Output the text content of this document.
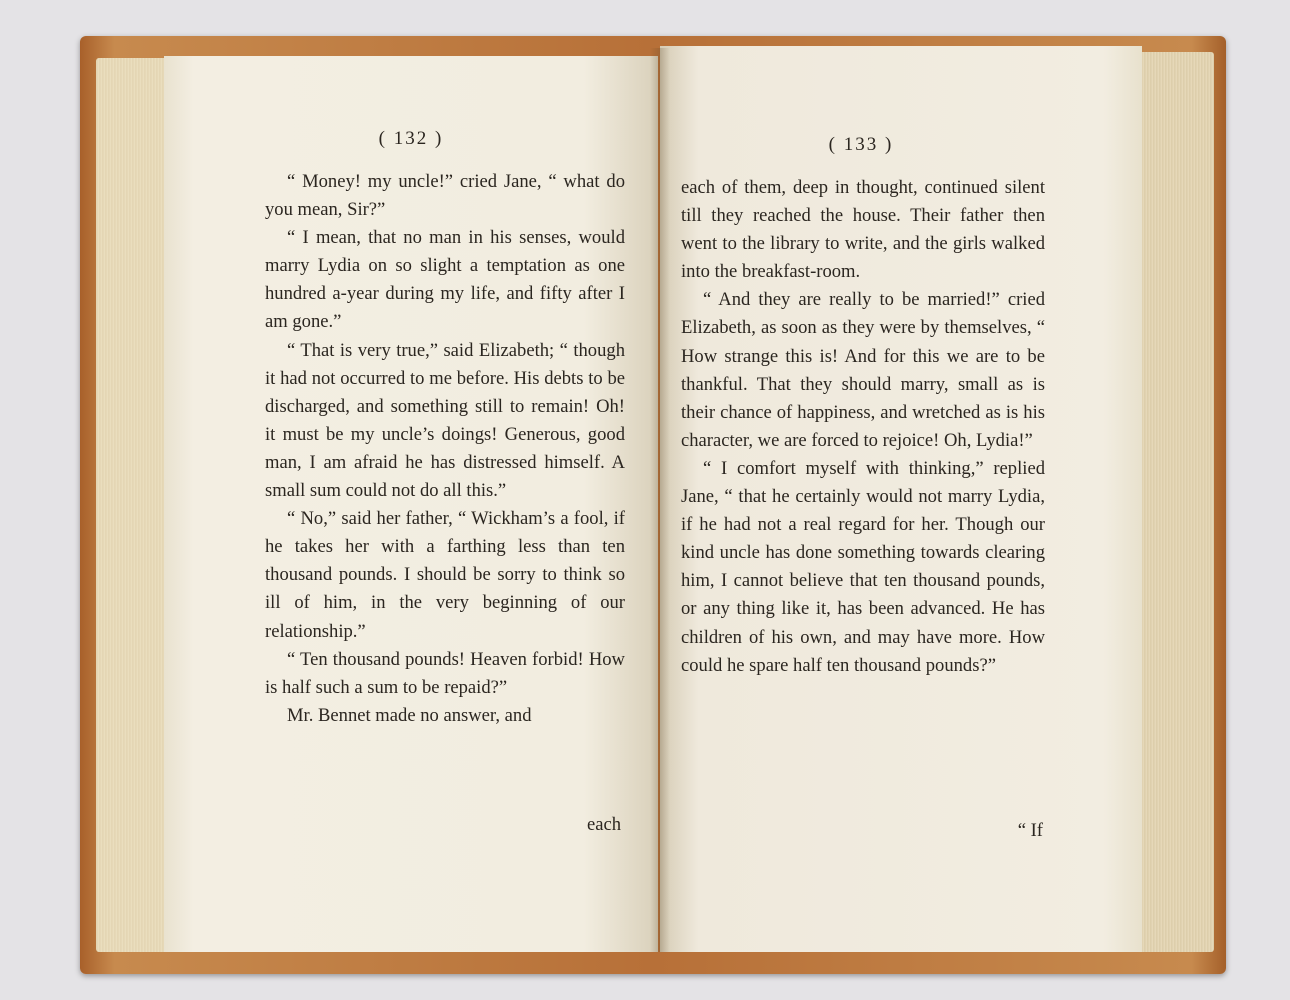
( 132 )

“ Money! my uncle!” cried Jane, “ what do you mean, Sir?”

“ I mean, that no man in his senses, would marry Lydia on so slight a temptation as one hundred a-year during my life, and fifty after I am gone.”

“ That is very true,” said Elizabeth; “ though it had not occurred to me before. His debts to be discharged, and something still to remain! Oh! it must be my uncle’s doings! Generous, good man, I am afraid he has distressed himself. A small sum could not do all this.”

“ No,” said her father, “ Wickham’s a fool, if he takes her with a farthing less than ten thousand pounds. I should be sorry to think so ill of him, in the very beginning of our relationship.”

“ Ten thousand pounds! Heaven forbid! How is half such a sum to be repaid?”

Mr. Bennet made no answer, and

each
( 133 )

each of them, deep in thought, continued silent till they reached the house. Their father then went to the library to write, and the girls walked into the breakfast-room.

“ And they are really to be married!” cried Elizabeth, as soon as they were by themselves, “ How strange this is! And for this we are to be thankful. That they should marry, small as is their chance of happiness, and wretched as is his character, we are forced to rejoice! Oh, Lydia!”

“ I comfort myself with thinking,” replied Jane, “ that he certainly would not marry Lydia, if he had not a real regard for her. Though our kind uncle has done something towards clearing him, I cannot believe that ten thousand pounds, or any thing like it, has been advanced. He has children of his own, and may have more. How could he spare half ten thousand pounds?”

“ If
